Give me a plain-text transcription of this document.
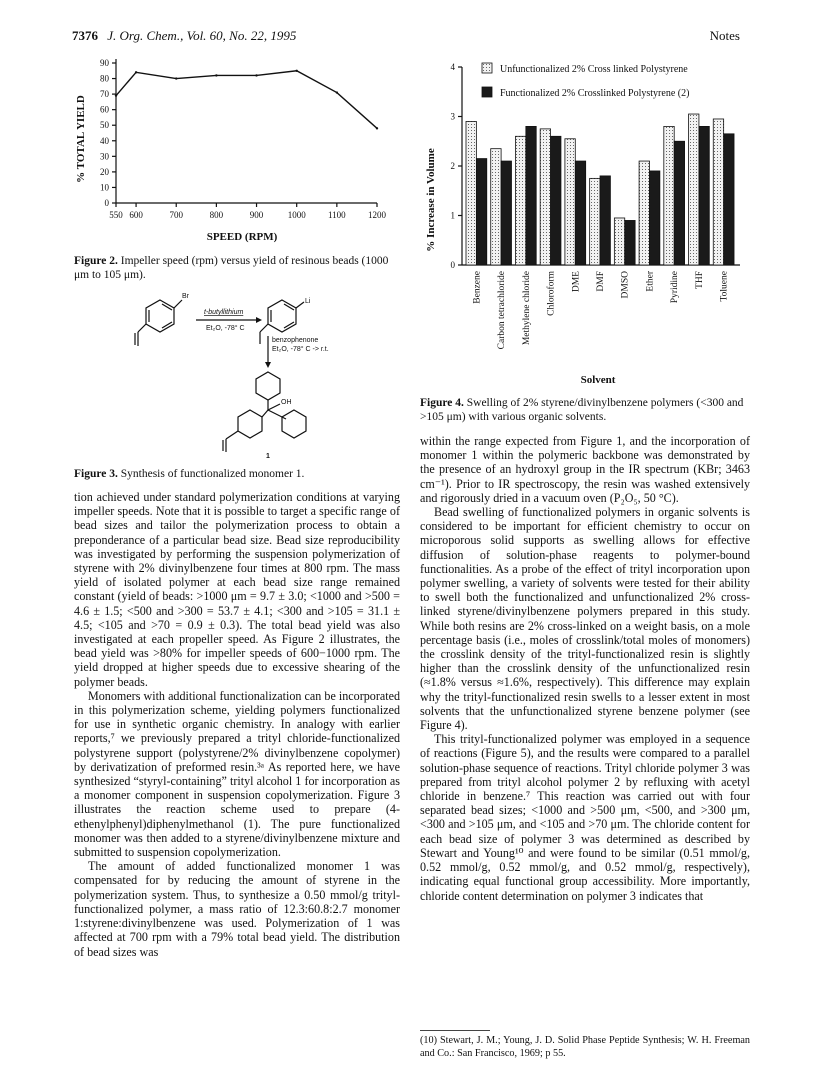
7376 J. Org. Chem., Vol. 60, No. 22, 1995	Notes
0
10
20
30
40
50
60
70
80
90
550 600	700	800	900	1000 1100 1200
% TOTAL YIELD
SPEED (RPM)
Figure 2. Impeller speed (rpm) versus yield of resinous beads (1000 μm to 105 μm).
Br
t-butyllithium
Et₂O, -78° C
Li
benzophenone
Et₂O, -78° C -> r.t.
OH
1
Figure 3. Synthesis of functionalized monomer 1.

tion achieved under standard polymerization conditions at varying impeller speeds. Note that it is possible to target a specific range of bead sizes and tailor the polymerization process to obtain a preponderance of a particular bead size. Bead size reproducibility was investigated by performing the suspension polymerization of styrene with 2% divinylbenzene four times at 800 rpm. The mass yield of isolated polymer at each bead size range remained constant (yield of beads: >1000 μm = 9.7 ± 3.0; <1000 and >500 = 4.6 ± 1.5; <500 and >300 = 53.7 ± 4.1; <300 and >105 = 31.1 ± 4.5; <105 and >70 = 0.9 ± 0.3). The total bead yield was also investigated at each propeller speed. As Figure 2 illustrates, the bead yield was >80% for impeller speeds of 600−1000 rpm. The yield dropped at higher speeds due to excessive shearing of the polymer beads.

Monomers with additional functionalization can be incorporated in this polymerization scheme, yielding polymers functionalized for use in synthetic organic chemistry. In analogy with earlier reports,⁷ we previously prepared a trityl chloride-functionalized polystyrene support (polystyrene/2% divinylbenzene copolymer) by derivatization of preformed resin.³ᵃ As reported here, we have synthesized “styryl-containing” trityl alcohol 1 for incorporation as a monomer component in suspension copolymerization. Figure 3 illustrates the reaction scheme used to prepare (4-ethenylphenyl)diphenylmethanol (1). The pure functionalized monomer was then added to a styrene/divinylbenzene mixture and submitted to suspension copolymerization.

The amount of added functionalized monomer 1 was compensated for by reducing the amount of styrene in the polymerization system. Thus, to synthesize a 0.50 mmol/g trityl-functionalized polymer, a mass ratio of 12.3:60.8:2.7 monomer 1:styrene:divinylbenzene was used. Polymerization of 1 was affected at 700 rpm with a 79% total bead yield. The distribution of bead sizes was

0
1
2
3
4
Benzene Carbon tetrachloride Methylene chloride Chloroform DME DMF DMSO Ether Pyridine THF Toluene
Unfunctionalized 2% Cross linked Polystyrene
Functionalized 2% Crosslinked Polystyrene (2)
% Increase in Volume
Solvent
Figure 4. Swelling of 2% styrene/divinylbenzene polymers (<300 and >105 μm) with various organic solvents.

within the range expected from Figure 1, and the incorporation of monomer 1 within the polymeric backbone was demonstrated by the presence of an hydroxyl group in the IR spectrum (KBr; 3463 cm⁻¹). Prior to IR spectroscopy, the resin was washed extensively and rigorously dried in a vacuum oven (P₂O₅, 50 °C).

Bead swelling of functionalized polymers in organic solvents is considered to be important for efficient chemistry to occur on microporous solid supports as swelling allows for effective diffusion of solution-phase reagents to polymer-bound functionalities. As a probe of the effect of trityl incorporation upon polymer swelling, a variety of solvents were tested for their ability to swell both the functionalized and unfunctionalized 2% cross-linked styrene/divinylbenzene polymers prepared in this study. While both resins are 2% cross-linked on a weight basis, on a mole percentage basis (i.e., moles of crosslink/total moles of monomers) the crosslink density of the trityl-functionalized resin is slightly higher than the crosslink density of the unfunctionalized resin (≈1.8% versus ≈1.6%, respectively). This difference may explain why the trityl-functionalized resin swells to a lesser extent in most solvents that the unfunctionalized styrene benzene polymer (see Figure 4).

This trityl-functionalized polymer was employed in a sequence of reactions (Figure 5), and the results were compared to a parallel solution-phase sequence of reactions. Trityl chloride polymer 3 was prepared from trityl alcohol polymer 2 by refluxing with acetyl chloride in benzene.⁷ This reaction was carried out with four separated bead sizes; <1000 and >500 μm, <500, and >300 μm, <300 and >105 μm, and <105 and >70 μm. The chloride content for each bead size of polymer 3 was determined as described by Stewart and Young¹⁰ and were found to be similar (0.51 mmol/g, 0.52 mmol/g, 0.52 mmol/g, and 0.52 mmol/g, respectively), indicating equal functional group accessibility. More importantly, chloride content determination on polymer 3 indicates that

(10) Stewart, J. M.; Young, J. D. Solid Phase Peptide Synthesis; W. H. Freeman and Co.: San Francisco, 1969; p 55.
